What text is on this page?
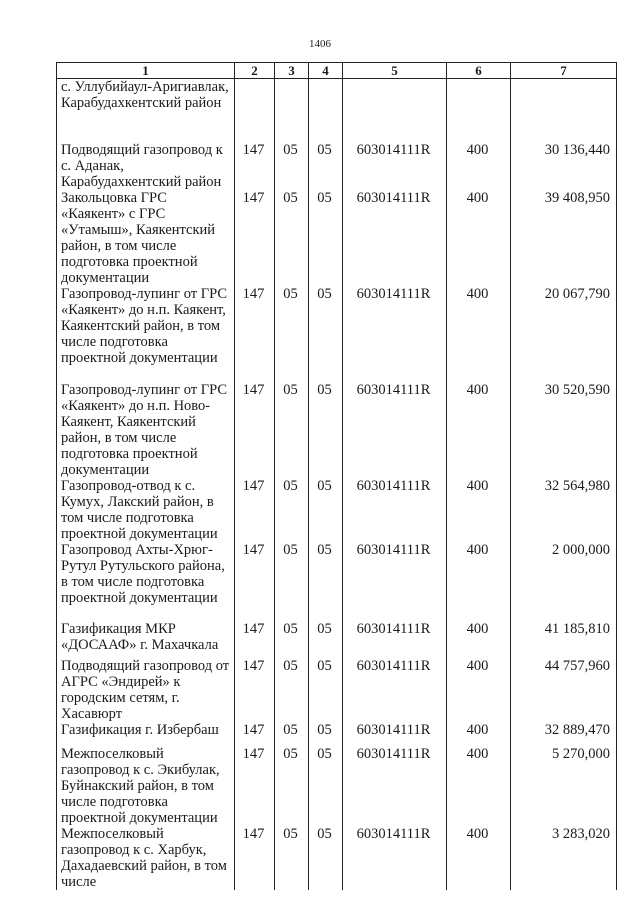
1406
1	2	3	4	5	6	7
с. Уллубийаул-Аригиавлак, Карабудахкентский район						
Подводящий газопровод к с. Аданак, Карабудахкентский район	147	05	05	603014111R	400	30 136,440
Закольцовка ГРС «Каякент» с ГРС «Утамыш», Каякентский район, в том числе подготовка проектной документации	147	05	05	603014111R	400	39 408,950
Газопровод-лупинг от ГРС «Каякент» до н.п. Каякент, Каякентский район, в том числе подготовка проектной документации	147	05	05	603014111R	400	20 067,790
Газопровод-лупинг от ГРС «Каякент» до н.п. Ново-Каякент, Каякентский район, в том числе подготовка проектной документации	147	05	05	603014111R	400	30 520,590
Газопровод-отвод к с. Кумух, Лакский район, в том числе подготовка проектной документации	147	05	05	603014111R	400	32 564,980
Газопровод Ахты-Хрюг-Рутул Рутульского района, в том числе подготовка проектной документации	147	05	05	603014111R	400	2 000,000
Газификация МКР «ДОСААФ» г. Махачкала	147	05	05	603014111R	400	41 185,810
Подводящий газопровод от АГРС «Эндирей» к городским сетям, г. Хасавюрт	147	05	05	603014111R	400	44 757,960
Газификация г. Избербаш	147	05	05	603014111R	400	32 889,470
Межпоселковый газопровод к с. Экибулак, Буйнакский район, в том числе подготовка проектной документации	147	05	05	603014111R	400	5 270,000
Межпоселковый газопровод к с. Харбук, Дахадаевский район, в том числе	147	05	05	603014111R	400	3 283,020
